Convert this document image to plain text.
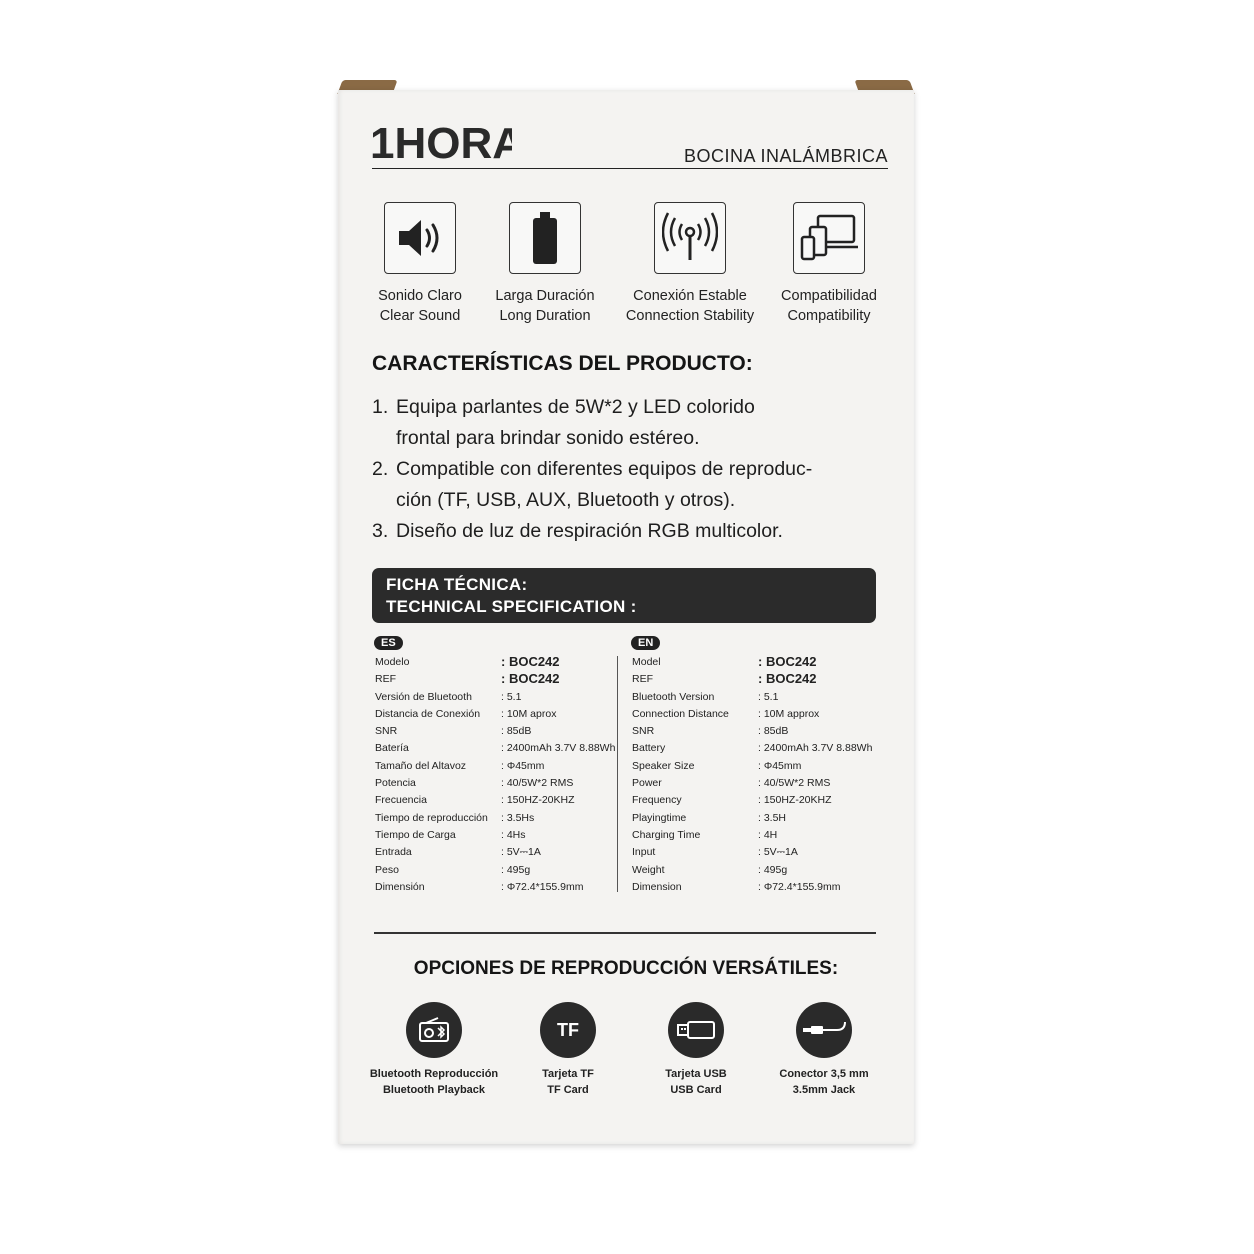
1HORA	BOCINA INALÁMBRICA
Sonido Claro
Clear Sound
Larga Duración
Long Duration
Conexión Estable
Connection Stability
Compatibilidad
Compatibility
CARACTERÍSTICAS DEL PRODUCTO:
1. Equipa parlantes de 5W*2 y LED colorido
frontal para brindar sonido estéreo.
2. Compatible con diferentes equipos de reproduc-
ción (TF, USB, AUX, Bluetooth y otros).
3. Diseño de luz de respiración RGB multicolor.
FICHA TÉCNICA:
TECHNICAL SPECIFICATION :
ES	EN
Modelo	: BOC242
REF	: BOC242
Versión de Bluetooth	: 5.1
Distancia de Conexión : 10M aprox
SNR	: 85dB
Batería	: 2400mAh 3.7V 8.88Wh
Tamaño del Altavoz	: Φ45mm
Potencia	: 40/5W*2 RMS
Frecuencia	: 150HZ-20KHZ
Tiempo de reproducción : 3.5Hs
Tiempo de Carga	: 4Hs
Entrada	: 5V⎓1A
Peso	: 495g
Dimensión	: Φ72.4*155.9mm
Model	: BOC242
REF	: BOC242
Bluetooth Version	: 5.1
Connection Distance	: 10M approx
SNR	: 85dB
Battery	: 2400mAh 3.7V 8.88Wh
Speaker Size	: Φ45mm
Power	: 40/5W*2 RMS
Frequency	: 150HZ-20KHZ
Playingtime	: 3.5H
Charging Time	: 4H
Input	: 5V⎓1A
Weight	: 495g
Dimension	: Φ72.4*155.9mm
OPCIONES DE REPRODUCCIÓN VERSÁTILES:
Bluetooth Reproducción
Bluetooth Playback
TF
Tarjeta TF
TF Card
Tarjeta USB
USB Card
Conector 3,5 mm
3.5mm Jack
